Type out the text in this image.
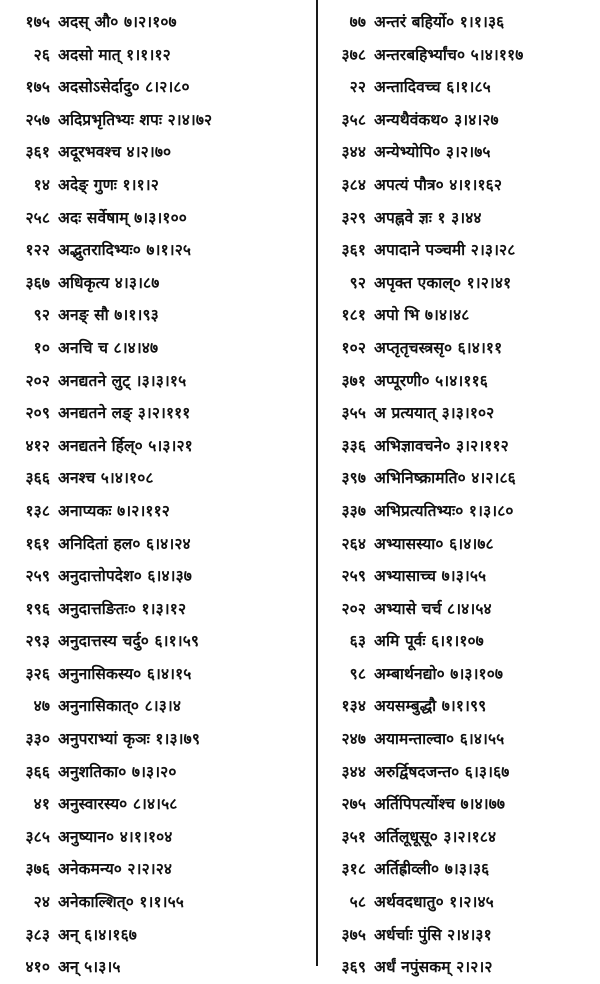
१७५ अदस् औ० ७।२।१०७
२६ अदसो मात् १।१।१२
१७५ अदसोऽसेर्दादु० ८।२।८०
२५७ अदिप्रभृतिभ्यः शपः २।४।७२
३६१ अदूरभवश्च ४।२।७०
१४ अदेङ् गुणः १।१।२
२५८ अदः सर्वेषाम् ७।३।१००
१२२ अद्भुतरादिभ्यः० ७।१।२५
३६७ अधिकृत्य ४।३।८७
९२ अनङ् सौ ७।१।९३
१० अनचि च ८।४।४७
२०२ अनद्यतने लुट् ।३।३।१५
२०९ अनद्यतने लङ् ३।२।१११
४१२ अनद्यतने र्हिल्० ५।३।२१
३६६ अनश्च ५।४।१०८
१३८ अनाप्यकः ७।२।११२
१६१ अनिदितां हल० ६।४।२४
२५९ अनुदात्तोपदेश० ६।४।३७
१९६ अनुदात्तङितः० १।३।१२
२९३ अनुदात्तस्य चर्दु० ६।१।५९
३२६ अनुनासिकस्य० ६।४।१५
४७ अनुनासिकात्० ८।३।४
३३० अनुपराभ्यां कृञः १।३।७९
३६६ अनुशतिका० ७।३।२०
४१ अनुस्वारस्य० ८।४।५८
३८५ अनुष्यान० ४।१।१०४
३७६ अनेकमन्य० २।२।२४
२४ अनेकाल्शित्० १।१।५५
३८३ अन् ६।४।१६७
४१० अन् ५।३।५
७७ अन्तरं बहिर्यो० १।१।३६
३७८ अन्तरबहिर्भ्यांच० ५।४।११७
२२ अन्तादिवच्च ६।१।८५
३५८ अन्यथैवंकथ० ३।४।२७
३४४ अन्येभ्योपि० ३।२।७५
३८४ अपत्यं पौत्र० ४।१।१६२
३२९ अपह्नवे ज्ञः १ ३।४४
३६१ अपादाने पञ्चमी २।३।२८
९२ अपृक्त एकाल्० १।२।४१
१८१ अपो भि ७।४।४८
१०२ अप्तृतृचस्त्रसृ० ६।४।११
३७१ अप्पूरणी० ५।४।११६
३५५ अ प्रत्ययात् ३।३।१०२
३३६ अभिज्ञावचने० ३।२।११२
३९७ अभिनिष्क्रामति० ४।२।८६
३३७ अभिप्रत्यतिभ्यः० १।३।८०
२६४ अभ्यासस्या० ६।४।७८
२५९ अभ्यासाच्च ७।३।५५
२०२ अभ्यासे चर्च ८।४।५४
६३ अमि पूर्वः ६।१।१०७
९८ अम्बार्थनद्यो० ७।३।१०७
१३४ अयसम्बुद्धौ ७।१।९९
२४७ अयामन्ताल्वा० ६।४।५५
३४४ अरुर्द्विषदजन्त० ६।३।६७
२७५ अर्तिपिपर्त्योश्च ७।४।७७
३५१ अर्तिलूधूसू० ३।२।१८४
३१८ अर्तिह्रीव्ली० ७।३।३६
५८ अर्थवदधातु० १।२।४५
३७५ अर्धर्चाः पुंसि २।४।३१
३६९ अर्धं नपुंसकम् २।२।२
